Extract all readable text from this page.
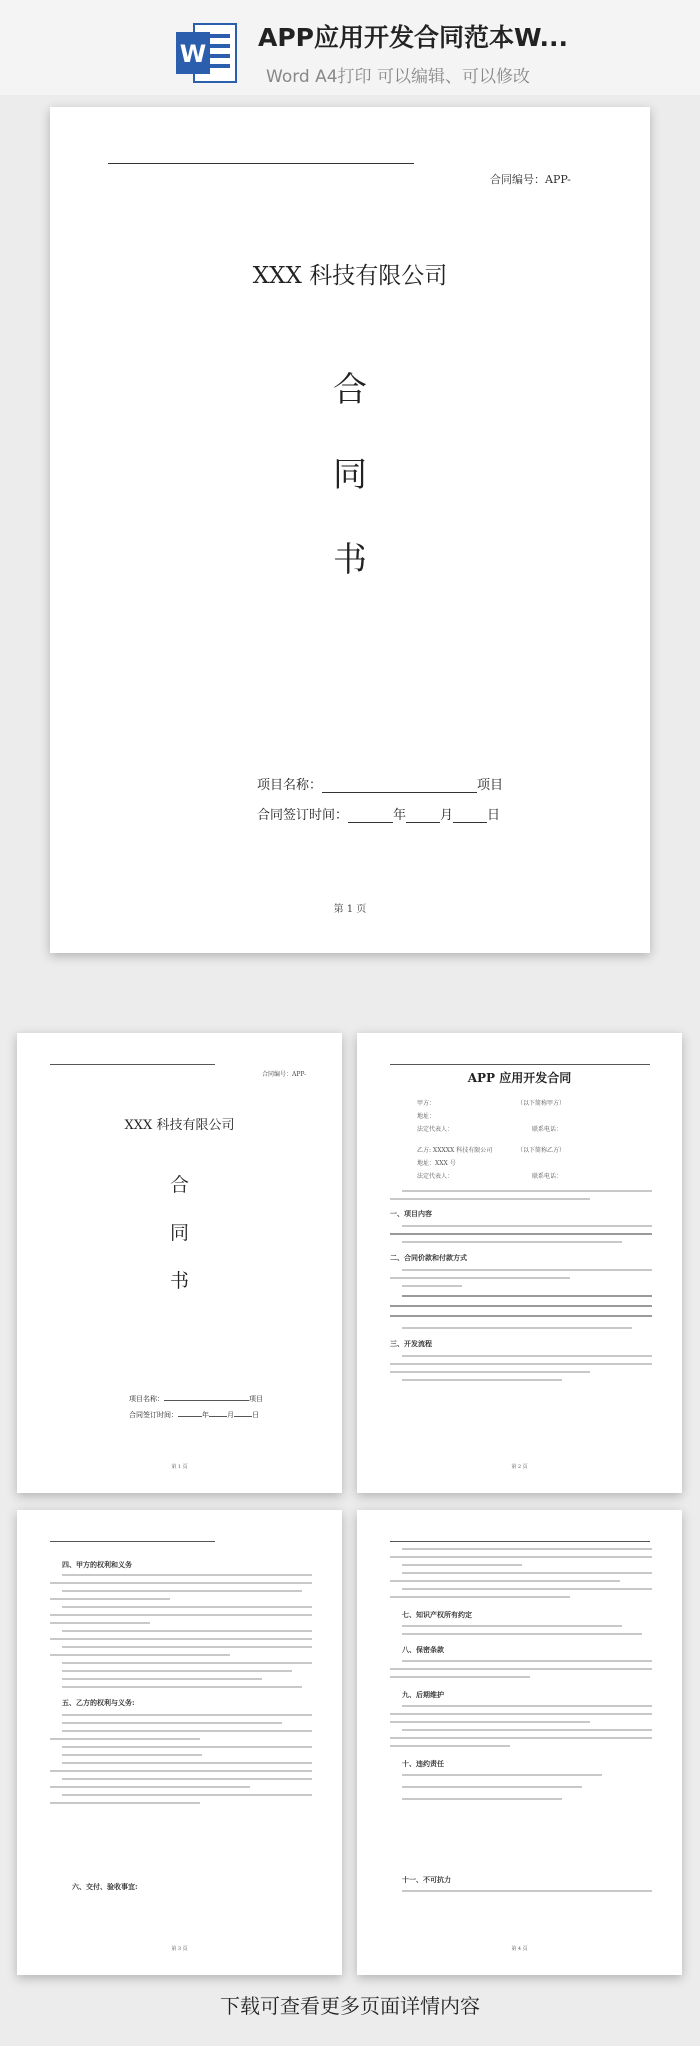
W
APP应用开发合同范本W...
Word A4打印 可以编辑、可以修改
合同编号：APP-
XXX 科技有限公司
合
同
书
项目名称：	项目
合同签订时间：	年	月	日
第 1 页
合同编号：APP-
XXX 科技有限公司
合
同
书
项目名称：	项目
合同签订时间：	年	月	日
第 1 页
APP 应用开发合同
甲方：	（以下简称甲方）
地址：
法定代表人：	联系电话：
乙方: XXXXX 科技有限公司	（以下简称乙方）
地址：XXX 号
法定代表人：	联系电话：
一、项目内容
二、合同价款和付款方式
三、开发流程
第 2 页
四、甲方的权利和义务
五、乙方的权利与义务:
六、交付、验收事宜:
第 3 页
七、知识产权所有约定
八、保密条款
九、后期维护
十、违约责任
十一、不可抗力
第 4 页
下载可查看更多页面详情内容
